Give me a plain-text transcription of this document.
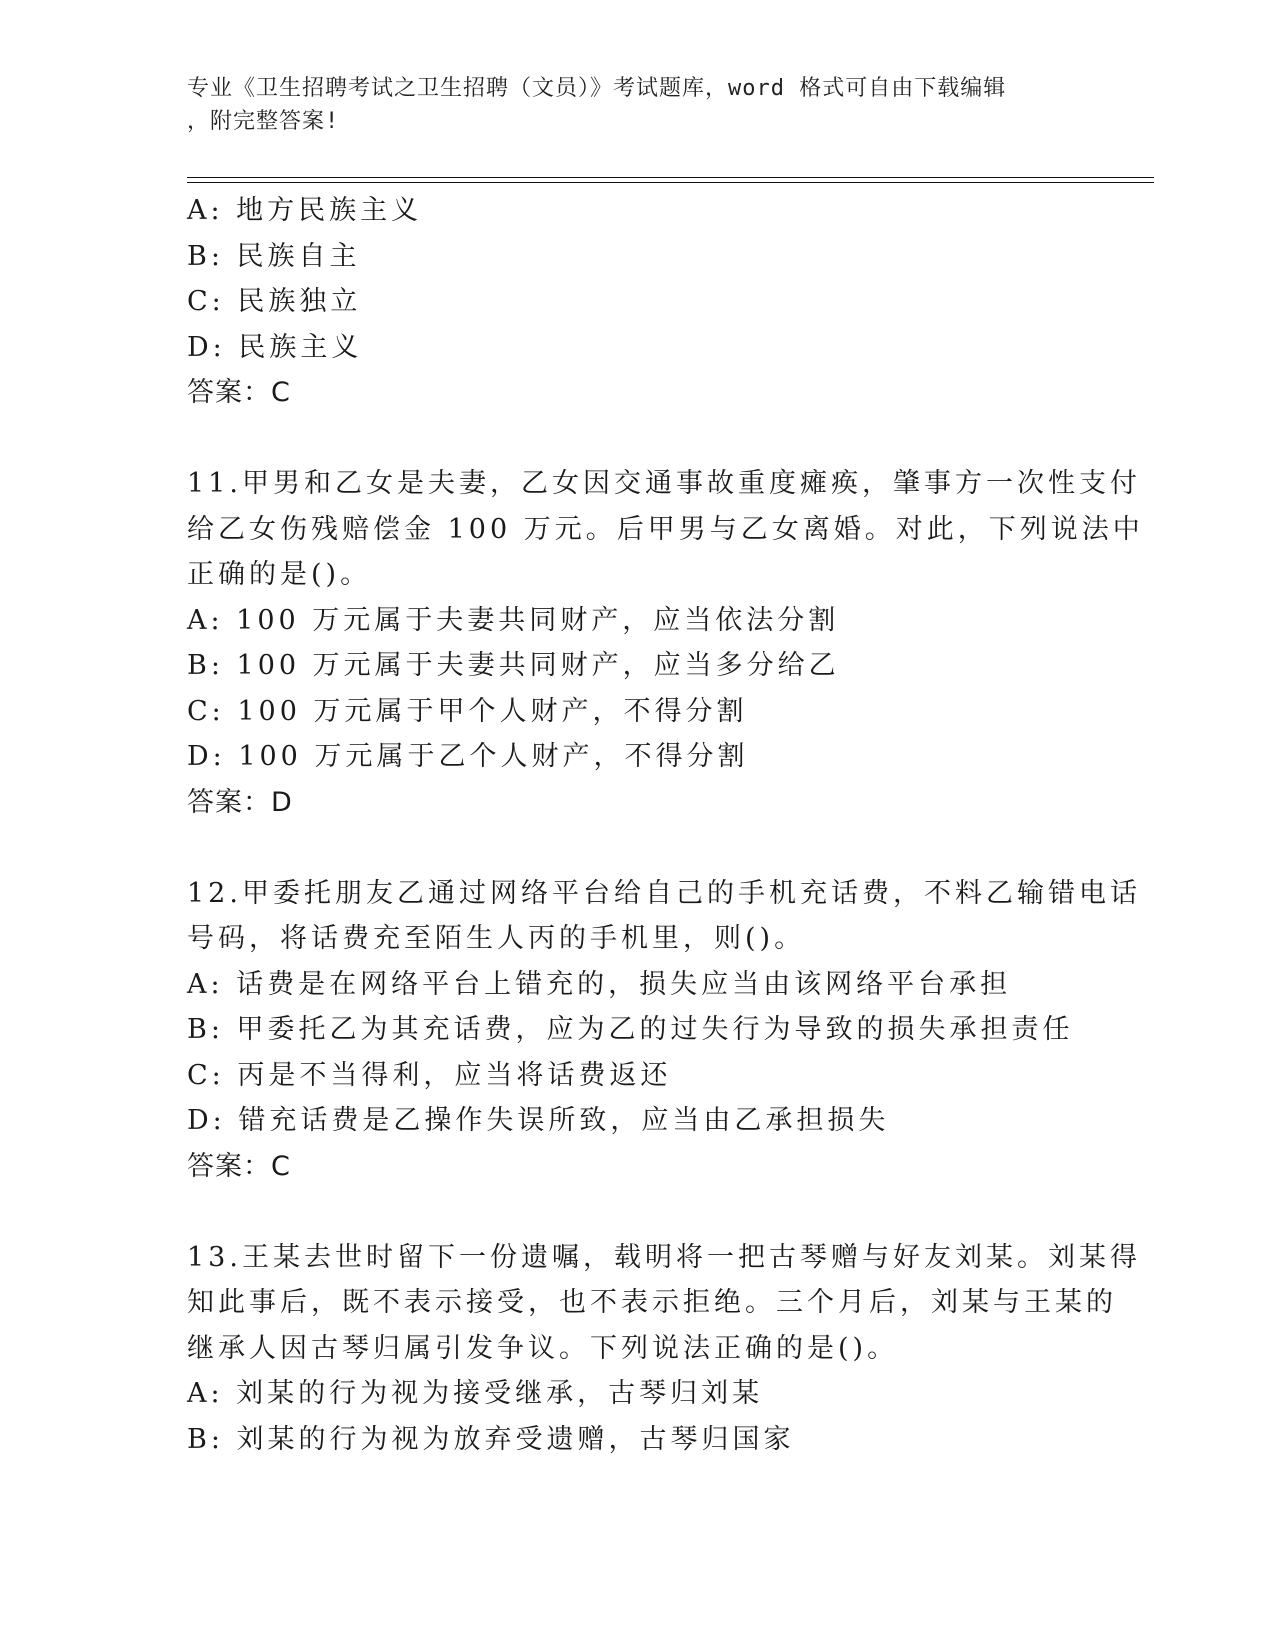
专业《卫生招聘考试之卫生招聘（文员）》考试题库，word 格式可自由下载编辑
，附完整答案!
A: 地方民族主义
B: 民族自主
C: 民族独立
D: 民族主义
答案：C
11.甲男和乙女是夫妻，乙女因交通事故重度瘫痪，肇事方一次性支付
给乙女伤残赔偿金 100 万元。后甲男与乙女离婚。对此，下列说法中
正确的是()。
A: 100 万元属于夫妻共同财产，应当依法分割
B: 100 万元属于夫妻共同财产，应当多分给乙
C: 100 万元属于甲个人财产，不得分割
D: 100 万元属于乙个人财产，不得分割
答案：D
12.甲委托朋友乙通过网络平台给自己的手机充话费，不料乙输错电话
号码，将话费充至陌生人丙的手机里，则()。
A: 话费是在网络平台上错充的，损失应当由该网络平台承担
B: 甲委托乙为其充话费，应为乙的过失行为导致的损失承担责任
C: 丙是不当得利，应当将话费返还
D: 错充话费是乙操作失误所致，应当由乙承担损失
答案：C
13.王某去世时留下一份遗嘱，载明将一把古琴赠与好友刘某。刘某得
知此事后，既不表示接受，也不表示拒绝。三个月后，刘某与王某的
继承人因古琴归属引发争议。下列说法正确的是()。
A: 刘某的行为视为接受继承，古琴归刘某
B: 刘某的行为视为放弃受遗赠，古琴归国家
